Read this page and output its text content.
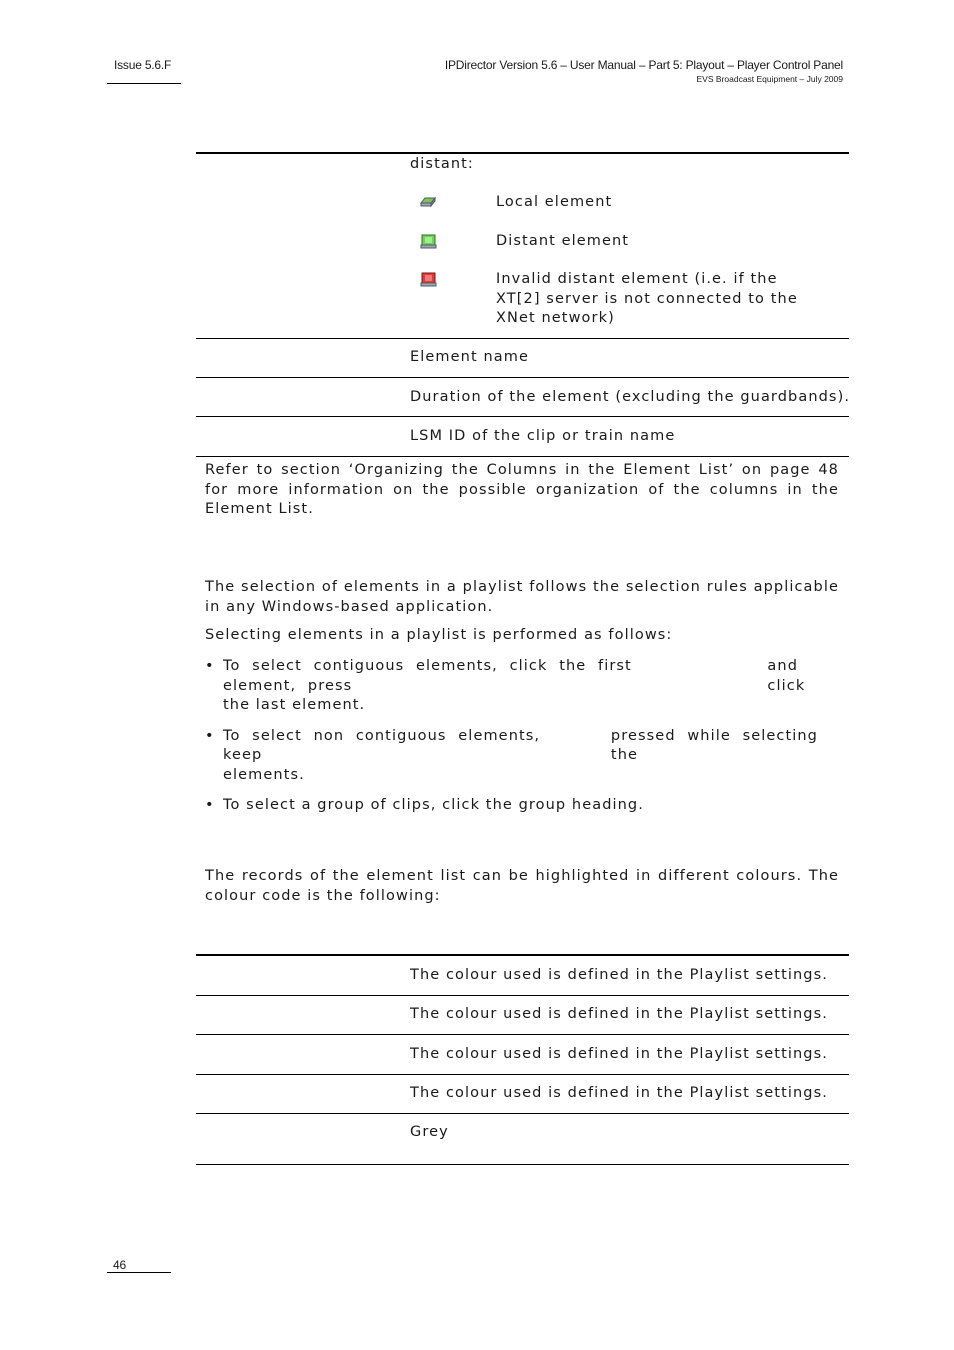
Issue 5.6.F	IPDirector Version 5.6 – User Manual – Part 5: Playout – Player Control Panel
EVS Broadcast Equipment – July 2009
distant:
Local element
Distant element
Invalid distant element (i.e. if the XT[2] server is not connected to the XNet network)
Element name
Duration of the element (excluding the guardbands).
LSM ID of the clip or train name
Refer to section ‘Organizing the Columns in the Element List’ on page 48 for more information on the possible organization of the columns in the Element List.
The selection of elements in a playlist follows the selection rules applicable in any Windows-based application.
Selecting elements in a playlist is performed as follows:
• To select contiguous elements, click the first element, press
and click
the last element.
• To select non contiguous elements, keep
pressed while selecting the
elements.
• To select a group of clips, click the group heading.
The records of the element list can be highlighted in different colours. The colour code is the following:
The colour used is defined in the Playlist settings.
The colour used is defined in the Playlist settings.
The colour used is defined in the Playlist settings.
The colour used is defined in the Playlist settings.
Grey
46
